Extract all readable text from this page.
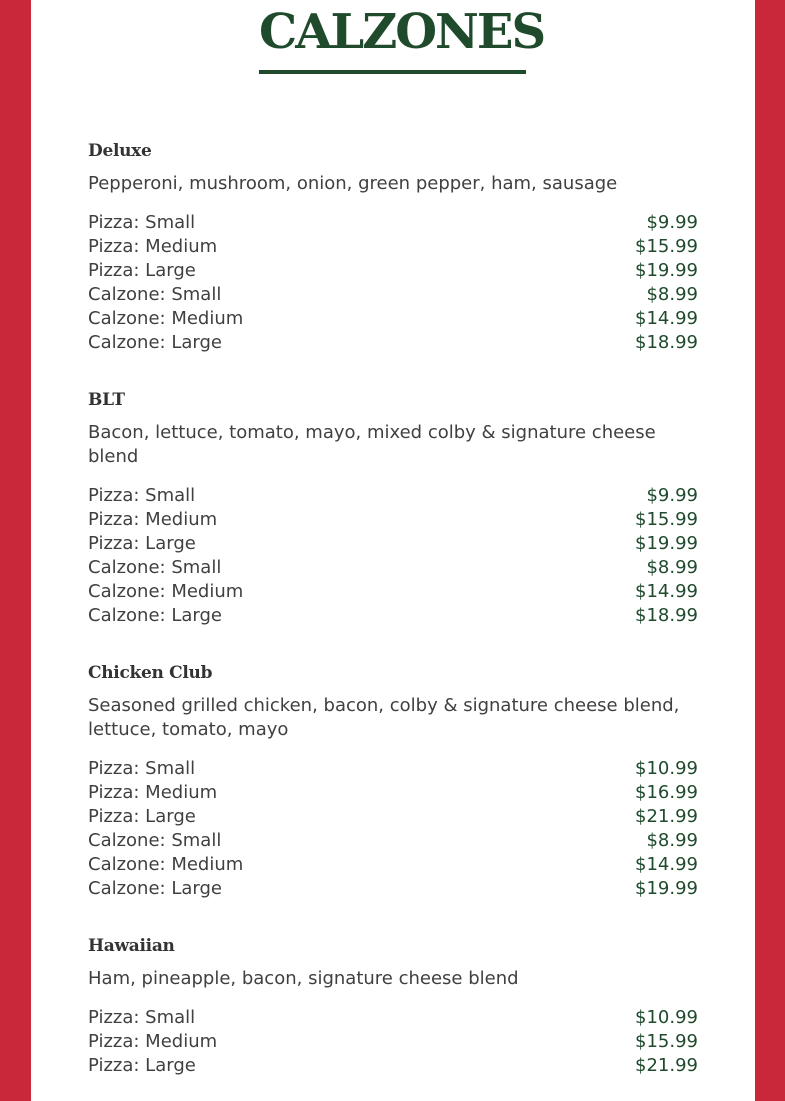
CALZONES
Deluxe

Pepperoni, mushroom, onion, green pepper, ham, sausage

Pizza: Small	$9.99
Pizza: Medium	$15.99
Pizza: Large	$19.99
Calzone: Small	$8.99
Calzone: Medium	$14.99
Calzone: Large	$18.99
BLT

Bacon, lettuce, tomato, mayo, mixed colby & signature cheese blend

Pizza: Small	$9.99
Pizza: Medium	$15.99
Pizza: Large	$19.99
Calzone: Small	$8.99
Calzone: Medium	$14.99
Calzone: Large	$18.99
Chicken Club

Seasoned grilled chicken, bacon, colby & signature cheese blend, lettuce, tomato, mayo

Pizza: Small	$10.99
Pizza: Medium	$16.99
Pizza: Large	$21.99
Calzone: Small	$8.99
Calzone: Medium	$14.99
Calzone: Large	$19.99
Hawaiian

Ham, pineapple, bacon, signature cheese blend

Pizza: Small	$10.99
Pizza: Medium	$15.99
Pizza: Large	$21.99
